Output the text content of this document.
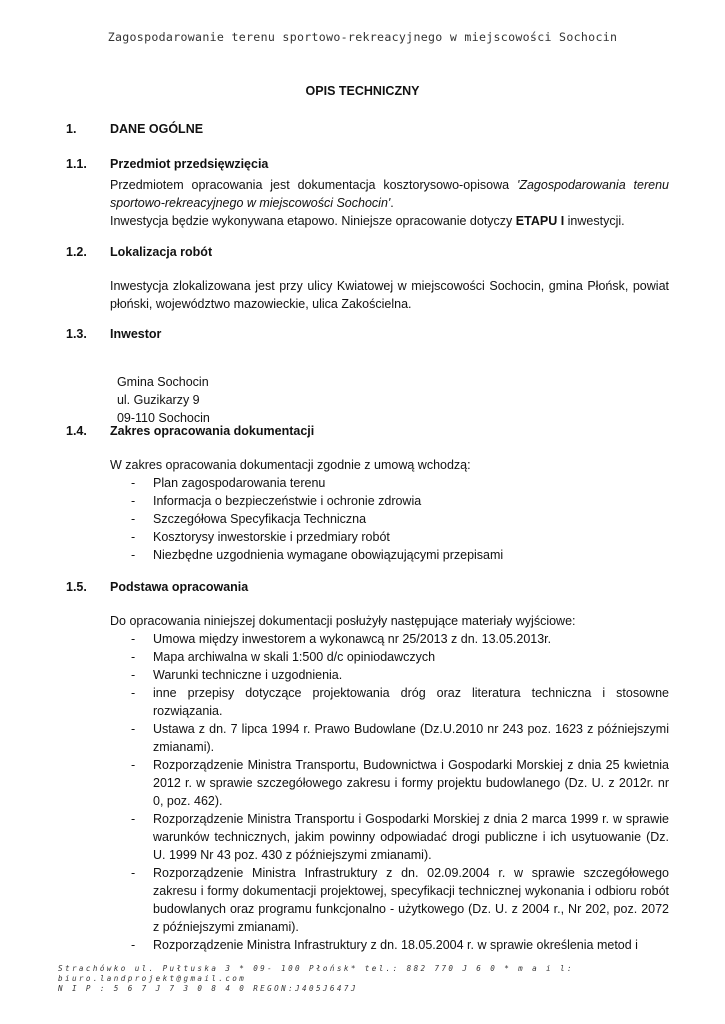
Zagospodarowanie terenu sportowo-rekreacyjnego w miejscowości Sochocin
OPIS TECHNICZNY
1.	DANE OGÓLNE
1.1. Przedmiot przedsięwzięcia
Przedmiotem opracowania jest dokumentacja kosztorysowo-opisowa 'Zagospodarowania terenu sportowo-rekreacyjnego w miejscowości Sochocin'.
Inwestycja będzie wykonywana etapowo. Niniejsze opracowanie dotyczy ETAPU I inwestycji.
1.2. Lokalizacja robót
Inwestycja zlokalizowana jest przy ulicy Kwiatowej w miejscowości Sochocin, gmina Płońsk, powiat płoński, województwo mazowieckie, ulica Zakościelna.
1.3. Inwestor

Gmina Sochocin
ul. Guzikarzy 9
09-110 Sochocin

1.4. Zakres opracowania dokumentacji
W zakres opracowania dokumentacji zgodnie z umową wchodzą:
- Plan zagospodarowania terenu
- Informacja o bezpieczeństwie i ochronie zdrowia
- Szczegółowa Specyfikacja Techniczna
- Kosztorysy inwestorskie i przedmiary robót
- Niezbędne uzgodnienia wymagane obowiązującymi przepisami
1.5. Podstawa opracowania
Do opracowania niniejszej dokumentacji posłużyły następujące materiały wyjściowe:
- Umowa między inwestorem a wykonawcą nr 25/2013 z dn. 13.05.2013r.
- Mapa archiwalna w skali 1:500 d/c opiniodawczych
- Warunki techniczne i uzgodnienia.
- inne przepisy dotyczące projektowania dróg oraz literatura techniczna i stosowne rozwiązania.
- Ustawa z dn. 7 lipca 1994 r. Prawo Budowlane (Dz.U.2010 nr 243 poz. 1623 z późniejszymi zmianami).
- Rozporządzenie Ministra Transportu, Budownictwa i Gospodarki Morskiej z dnia 25 kwietnia 2012 r. w sprawie szczegółowego zakresu i formy projektu budowlanego (Dz. U. z 2012r. nr 0, poz. 462).
- Rozporządzenie Ministra Transportu i Gospodarki Morskiej z dnia 2 marca 1999 r. w sprawie warunków technicznych, jakim powinny odpowiadać drogi publiczne i ich usytuowanie (Dz. U. 1999 Nr 43 poz. 430 z późniejszymi zmianami).
- Rozporządzenie Ministra Infrastruktury z dn. 02.09.2004 r. w sprawie szczegółowego zakresu i formy dokumentacji projektowej, specyfikacji technicznej wykonania i odbioru robót budowlanych oraz programu funkcjonalno - użytkowego (Dz. U. z 2004 r., Nr 202, poz. 2072 z późniejszymi zmianami).
- Rozporządzenie Ministra Infrastruktury z dn. 18.05.2004 r. w sprawie określenia metod i
Strachówko ul. Pułtuska 3 * 09- 100 Płońsk* tel.: 882 770 J 6 0 * m a i l:
biuro.landprojekt@gmail.com
N I P : 5 6 7 J 7 3 0 8 4 0 REGON:J405J647J
